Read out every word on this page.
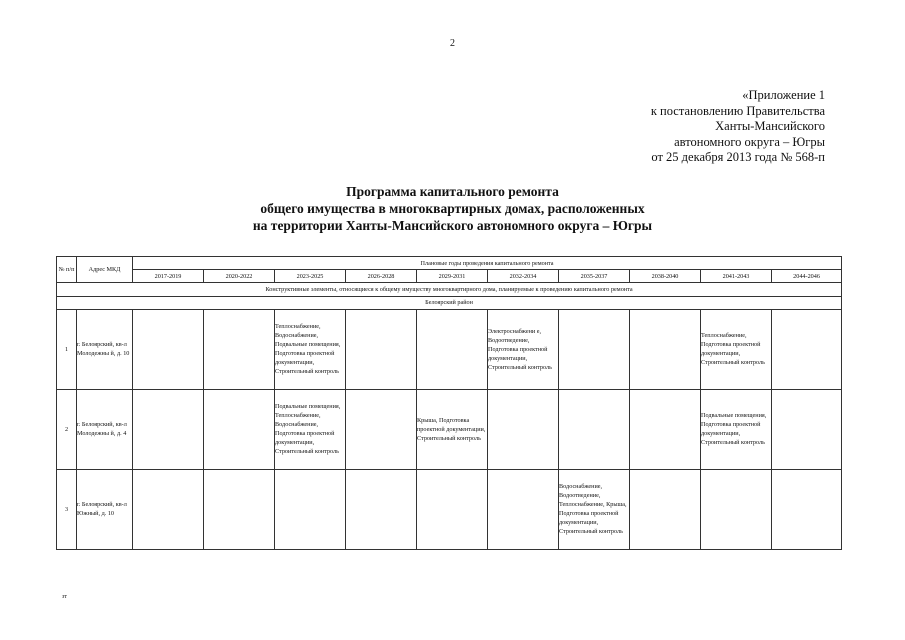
2
«Приложение 1
к постановлению Правительства
Ханты-Мансийского
автономного округа – Югры
от 25 декабря 2013 года № 568-п
Программа капитального ремонта
общего имущества в многоквартирных домах, расположенных
на территории Ханты-Мансийского автономного округа – Югры
№ п/п	Адрес МКД	Плановые годы проведения капитального ремонта									
		2017-2019	2020-2022	2023-2025	2026-2028	2029-2031	2032-2034	2035-2037	2038-2040	2041-2043	2044-2046
Конструктивные элементы, относящиеся к общему имуществу многоквартирного дома, планируемые к проведению капитального ремонта											
Белоярский район											
1	г. Белоярский, кв-л Молодежны й, д. 10			Теплоснабжение, Водоснабжение, Подвальные помещения, Подготовка проектной документации, Строительный контроль			Электроснабжени е, Водоотведение, Подготовка проектной документации, Строительный контроль			Теплоснабжение, Подготовка проектной документации, Строительный контроль	
2	г. Белоярский, кв-л Молодежны й, д. 4			Подвальные помещения, Теплоснабжение, Водоснабжение, Подготовка проектной документации, Строительный контроль		Крыша, Подготовка проектной документации, Строительный контроль				Подвальные помещения, Подготовка проектной документации, Строительный контроль	
3	г. Белоярский, кв-л Южный, д. 10							Водоснабжение, Водоотведение, Теплоснабжение, Крыша, Подготовка проектной документации, Строительный контроль			
зт
